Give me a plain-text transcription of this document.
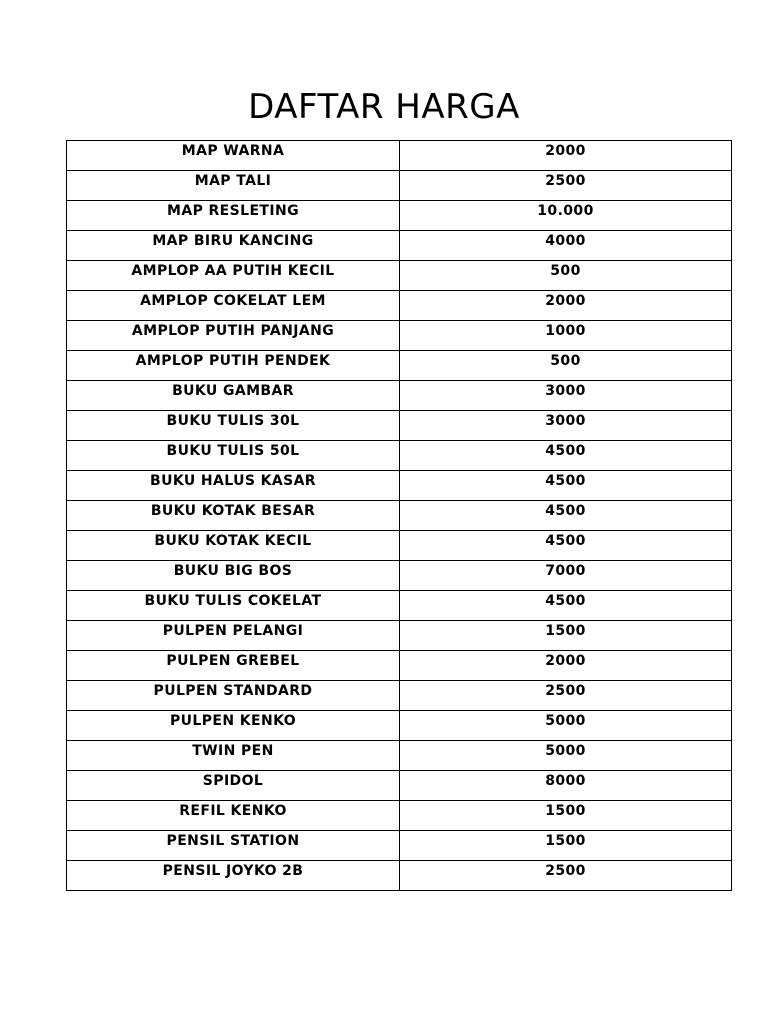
DAFTAR HARGA
MAP WARNA	2000
MAP TALI	2500
MAP RESLETING	10.000
MAP BIRU KANCING	4000
AMPLOP AA PUTIH KECIL	500
AMPLOP COKELAT LEM	2000
AMPLOP PUTIH PANJANG	1000
AMPLOP PUTIH PENDEK	500
BUKU GAMBAR	3000
BUKU TULIS 30L	3000
BUKU TULIS 50L	4500
BUKU HALUS KASAR	4500
BUKU KOTAK BESAR	4500
BUKU KOTAK KECIL	4500
BUKU BIG BOS	7000
BUKU TULIS COKELAT	4500
PULPEN PELANGI	1500
PULPEN GREBEL	2000
PULPEN STANDARD	2500
PULPEN KENKO	5000
TWIN PEN	5000
SPIDOL	8000
REFIL KENKO	1500
PENSIL STATION	1500
PENSIL JOYKO 2B	2500
